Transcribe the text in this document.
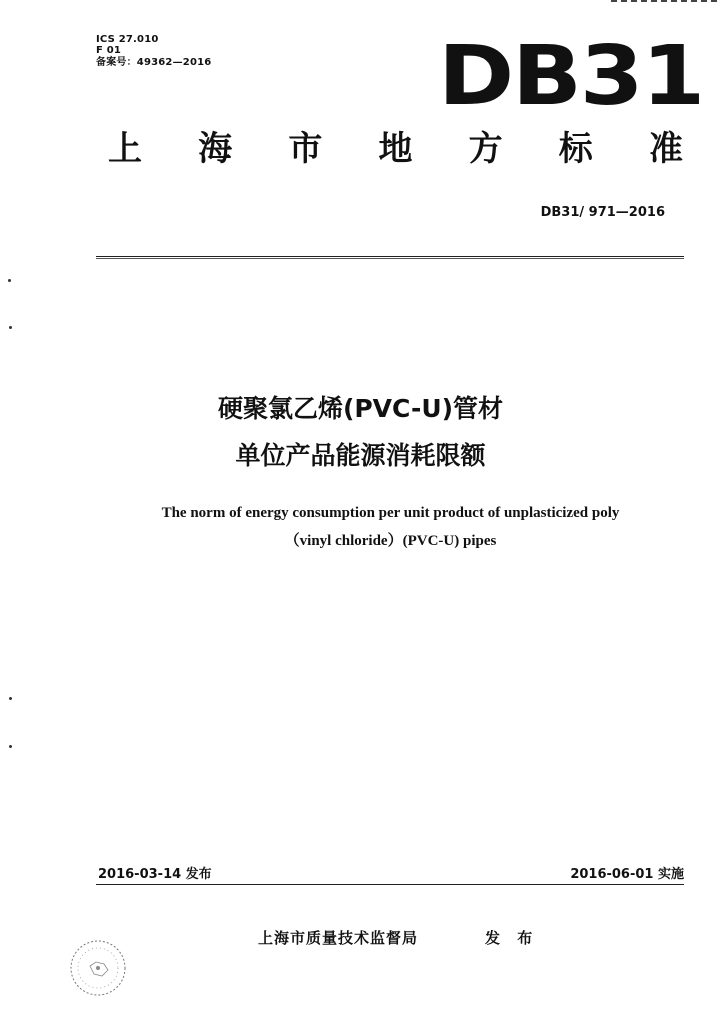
ICS 27.010
F 01
备案号：49362—2016	DB31
上 海 市 地 方 标 准
DB31/ 971—2016
硬聚氯乙烯(PVC-U)管材
单位产品能源消耗限额
The norm of energy consumption per unit product of unplasticized poly
（vinyl chloride）(PVC-U) pipes
2016-03-14 发布	2016-06-01 实施
上海市质量技术监督局	发 布
